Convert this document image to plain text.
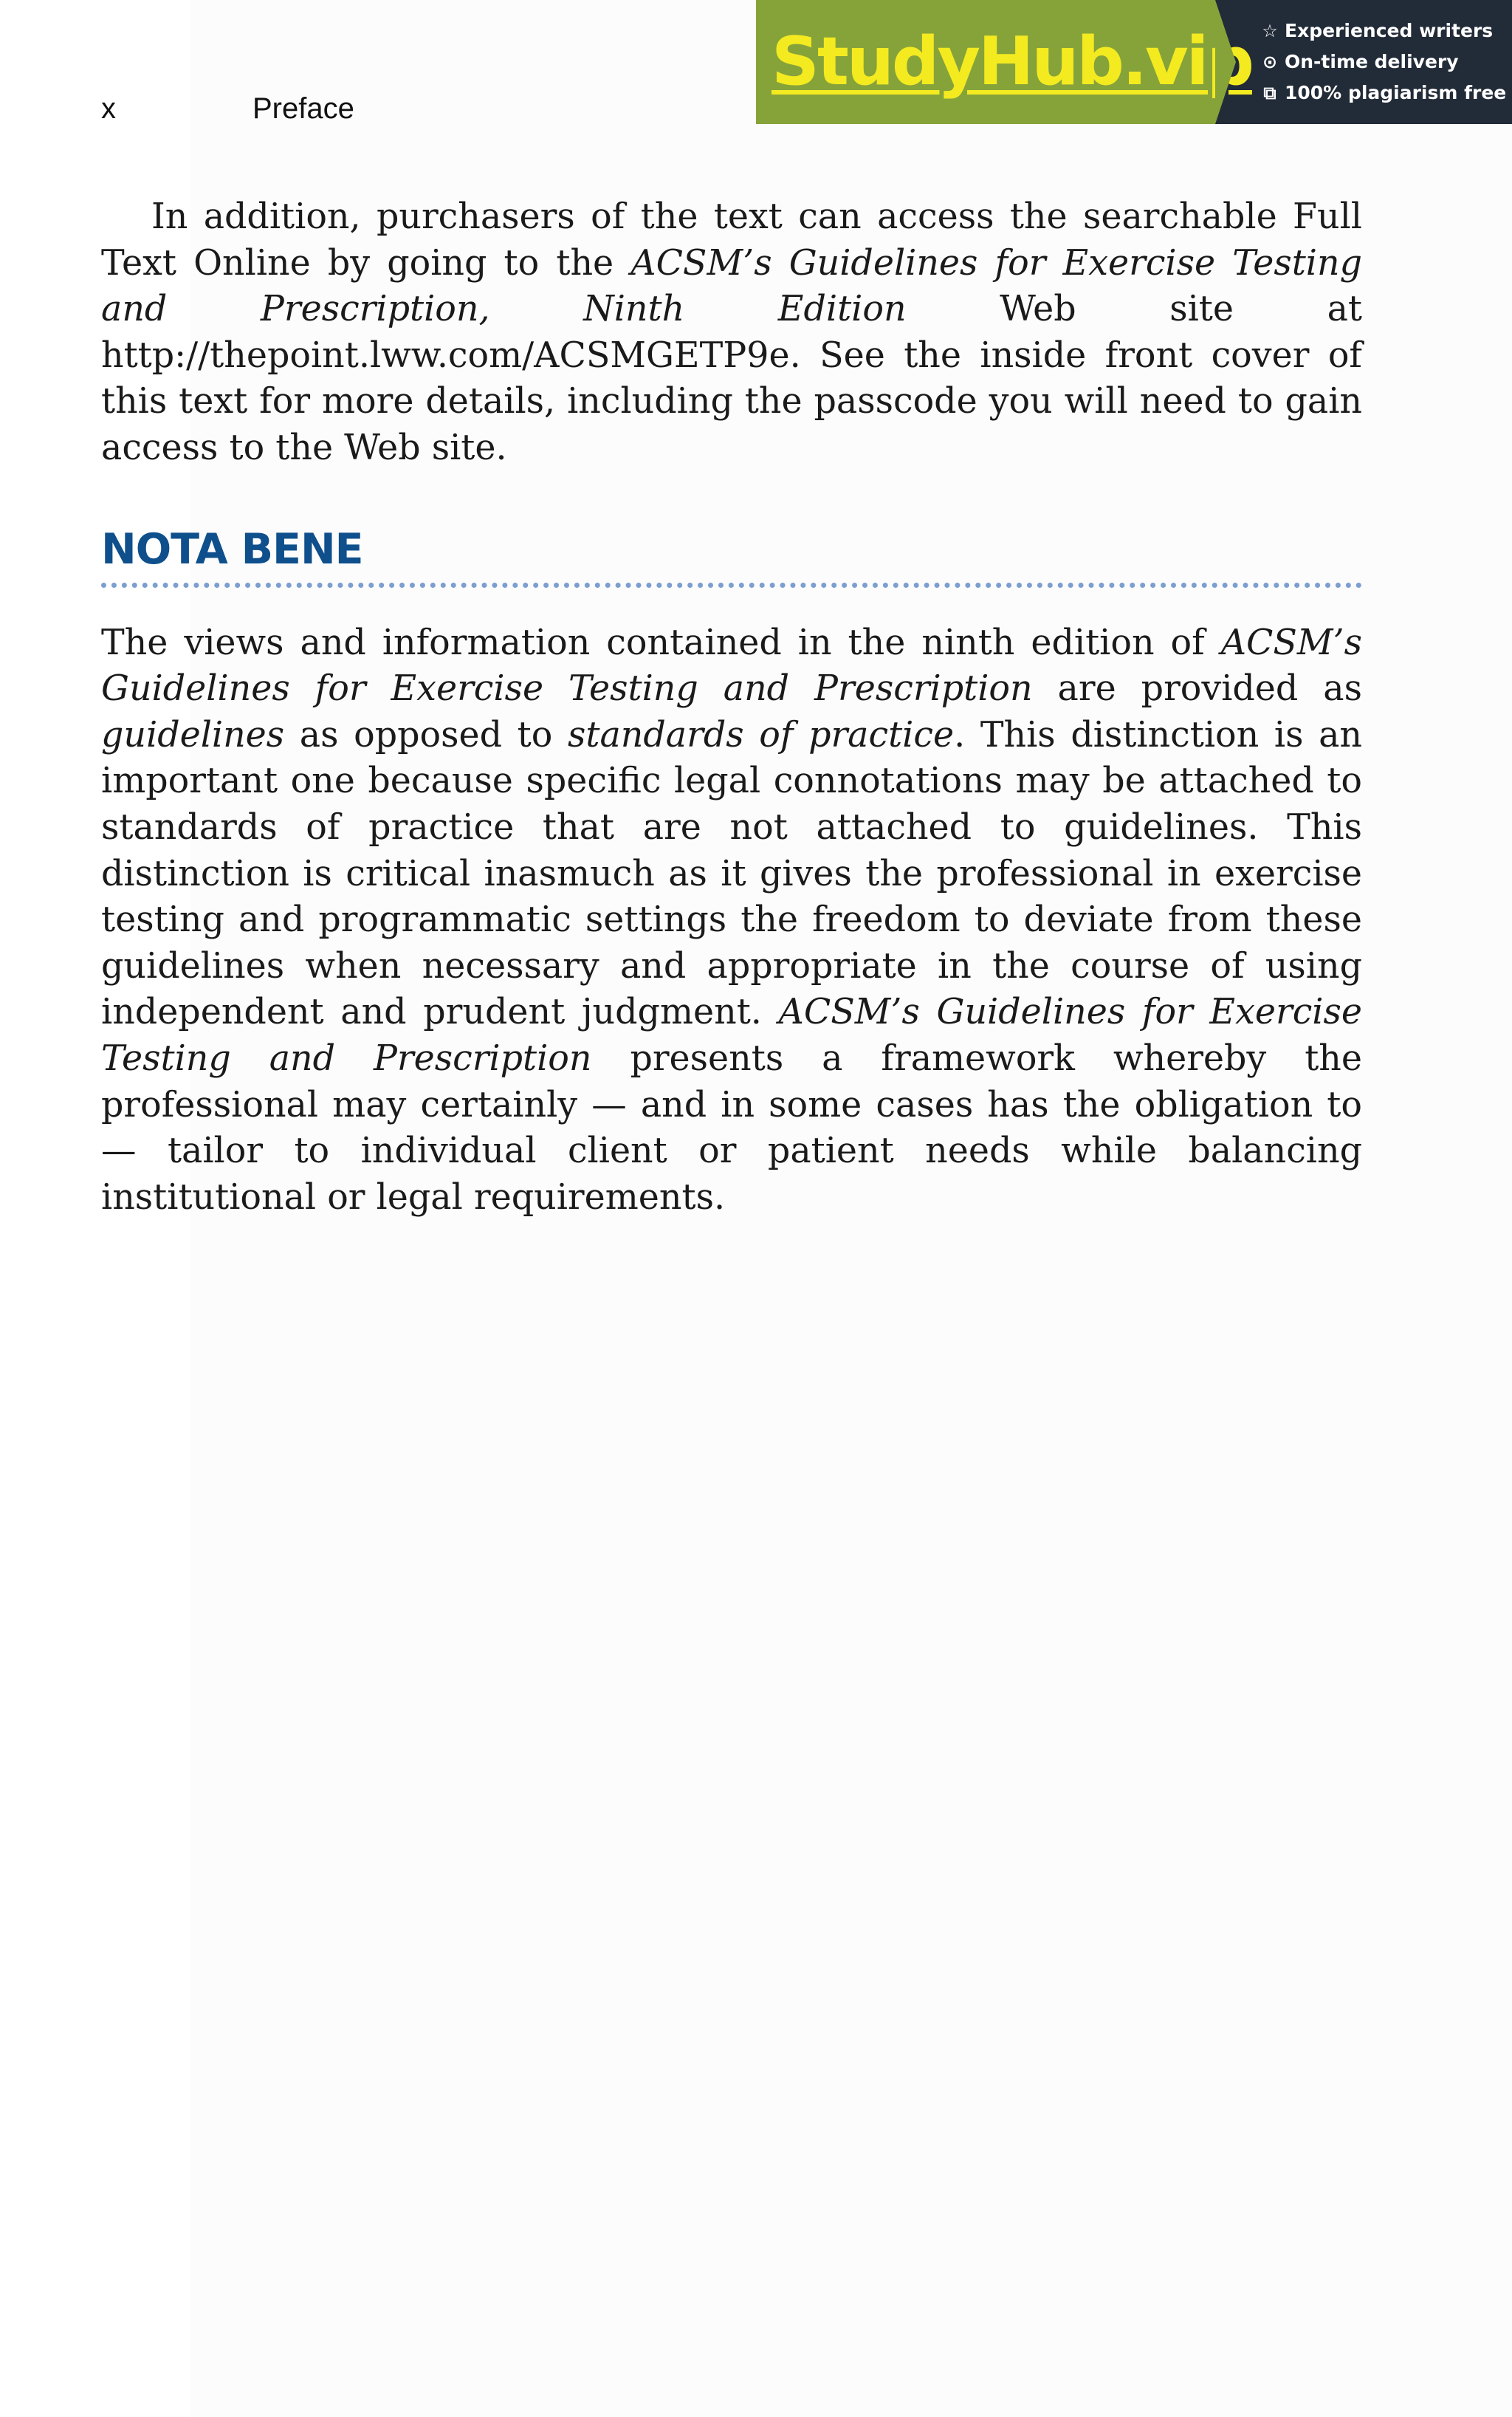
x	Preface
StudyHub.vip ☆ Experienced writers
⊙ On-time delivery
⧉ 100% plagiarism free

In addition, purchasers of the text can access the searchable Full Text Online by going to the ACSM’s Guidelines for Exercise Testing and Prescription, Ninth Edition Web site at http://thepoint.lww.com/ACSMGETP9e. See the inside front cover of this text for more details, including the passcode you will need to gain access to the Web site.

NOTA BENE

The views and information contained in the ninth edition of ACSM’s Guidelines for Exercise Testing and Prescription are provided as guidelines as opposed to standards of practice. This distinction is an important one because specific legal connotations may be attached to standards of practice that are not attached to guidelines. This distinction is critical inasmuch as it gives the professional in exercise testing and programmatic settings the freedom to deviate from these guidelines when necessary and appropriate in the course of using independent and prudent judgment. ACSM’s Guidelines for Exercise Testing and Prescription presents a framework whereby the professional may certainly — and in some cases has the obligation to — tailor to individual client or patient needs while balancing institutional or legal requirements.
